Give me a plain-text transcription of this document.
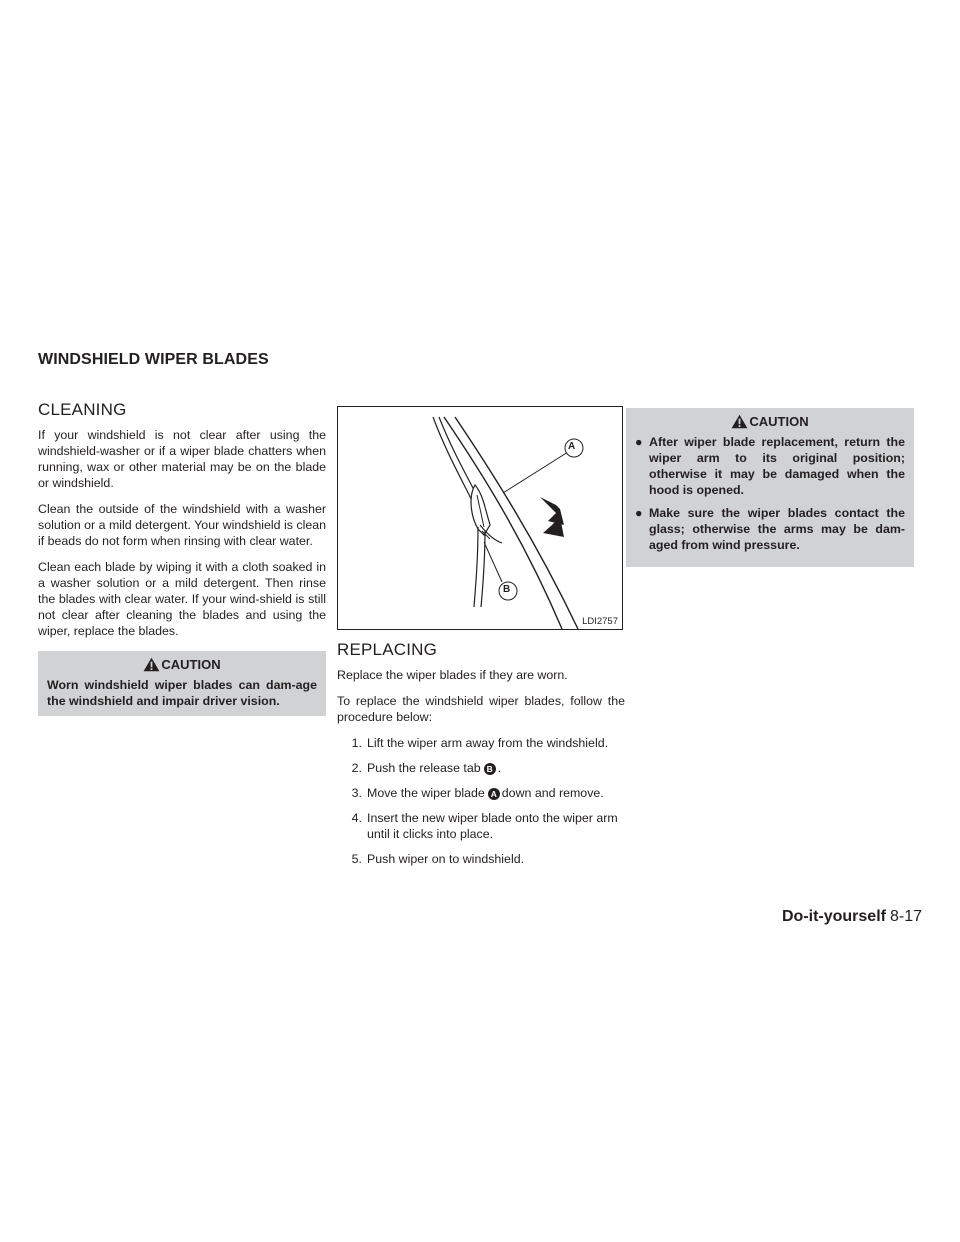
WINDSHIELD WIPER BLADES
CLEANING

If your windshield is not clear after using the windshield-washer or if a wiper blade chatters when running, wax or other material may be on the blade or windshield.

Clean the outside of the windshield with a washer solution or a mild detergent. Your windshield is clean if beads do not form when rinsing with clear water.

Clean each blade by wiping it with a cloth soaked in a washer solution or a mild detergent. Then rinse the blades with clear water. If your wind-shield is still not clear after cleaning the blades and using the wiper, replace the blades.

CAUTION

Worn windshield wiper blades can dam-age the windshield and impair driver vision.

A
B
LDI2757
REPLACING

Replace the wiper blades if they are worn.

To replace the windshield wiper blades, follow the procedure below:

1. Lift the wiper arm away from the windshield.
2. Push the release tab B .
3. Move the wiper blade A down and remove.
4. Insert the new wiper blade onto the wiper arm until it clicks into place.
5. Push wiper on to windshield.
CAUTION
● After wiper blade replacement, return the wiper arm to its original position; otherwise it may be damaged when the hood is opened.
● Make sure the wiper blades contact the glass; otherwise the arms may be dam-aged from wind pressure.
Do-it-yourself 8-17
